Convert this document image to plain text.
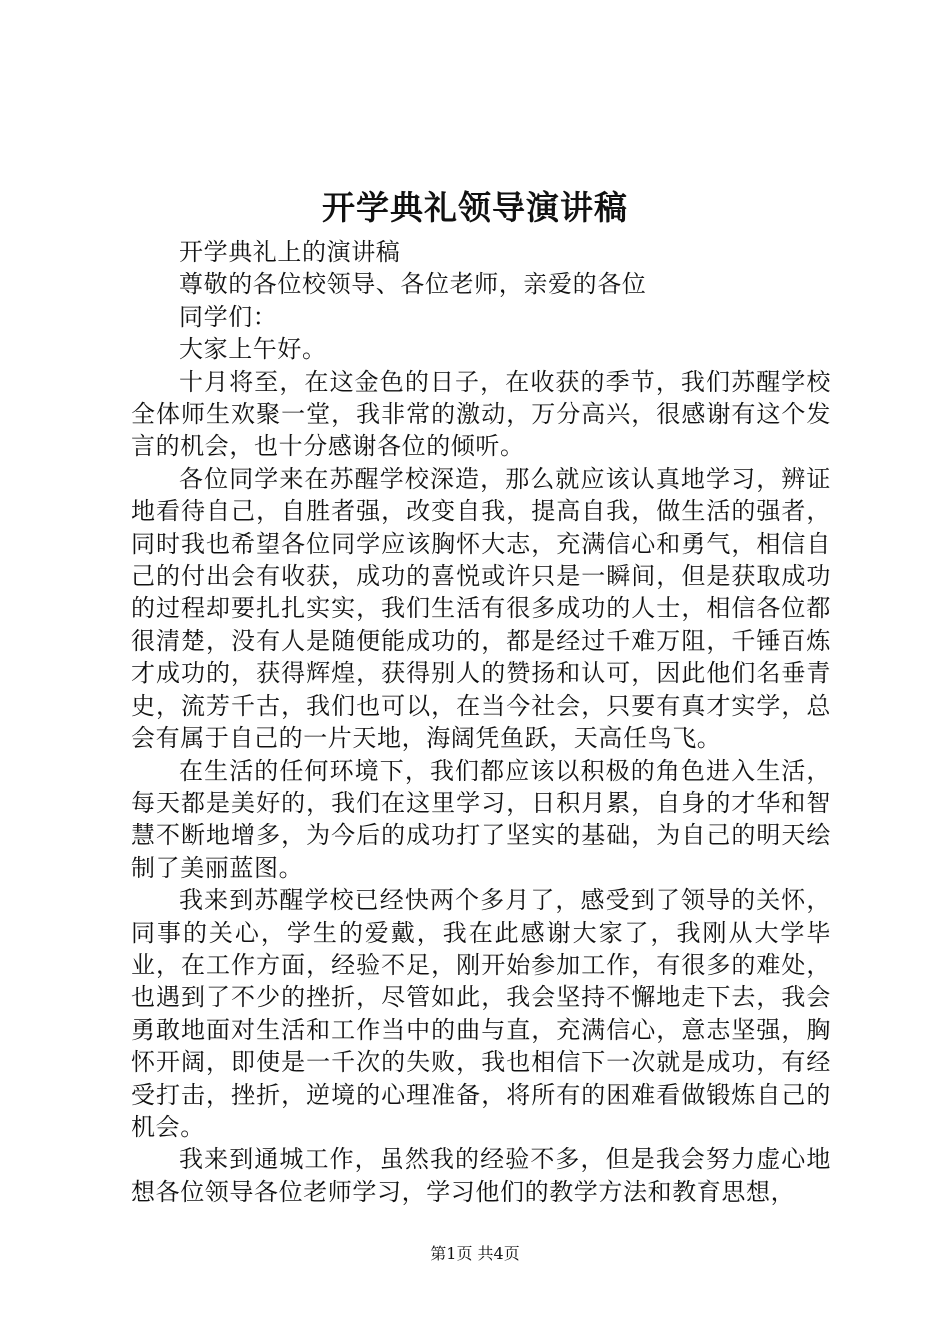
开学典礼领导演讲稿

开学典礼上的演讲稿

尊敬的各位校领导、各位老师，亲爱的各位

同学们：

大家上午好。

十月将至，在这金色的日子，在收获的季节，我们苏醒学校全体师生欢聚一堂，我非常的激动，万分高兴，很感谢有这个发言的机会，也十分感谢各位的倾听。

各位同学来在苏醒学校深造，那么就应该认真地学习，辨证地看待自己，自胜者强，改变自我，提高自我，做生活的强者，同时我也希望各位同学应该胸怀大志，充满信心和勇气，相信自己的付出会有收获，成功的喜悦或许只是一瞬间，但是获取成功的过程却要扎扎实实，我们生活有很多成功的人士，相信各位都很清楚，没有人是随便能成功的，都是经过千难万阻，千锤百炼才成功的，获得辉煌，获得别人的赞扬和认可，因此他们名垂青史，流芳千古，我们也可以，在当今社会，只要有真才实学，总会有属于自己的一片天地，海阔凭鱼跃，天高任鸟飞。

在生活的任何环境下，我们都应该以积极的角色进入生活，每天都是美好的，我们在这里学习，日积月累，自身的才华和智慧不断地增多，为今后的成功打了坚实的基础，为自己的明天绘制了美丽蓝图。

我来到苏醒学校已经快两个多月了，感受到了领导的关怀，同事的关心，学生的爱戴，我在此感谢大家了，我刚从大学毕业，在工作方面，经验不足，刚开始参加工作，有很多的难处，也遇到了不少的挫折，尽管如此，我会坚持不懈地走下去，我会勇敢地面对生活和工作当中的曲与直，充满信心，意志坚强，胸怀开阔，即使是一千次的失败，我也相信下一次就是成功，有经受打击，挫折，逆境的心理准备，将所有的困难看做锻炼自己的机会。

我来到通城工作，虽然我的经验不多，但是我会努力虚心地想各位领导各位老师学习，学习他们的教学方法和教育思想，

第1页 共4页
